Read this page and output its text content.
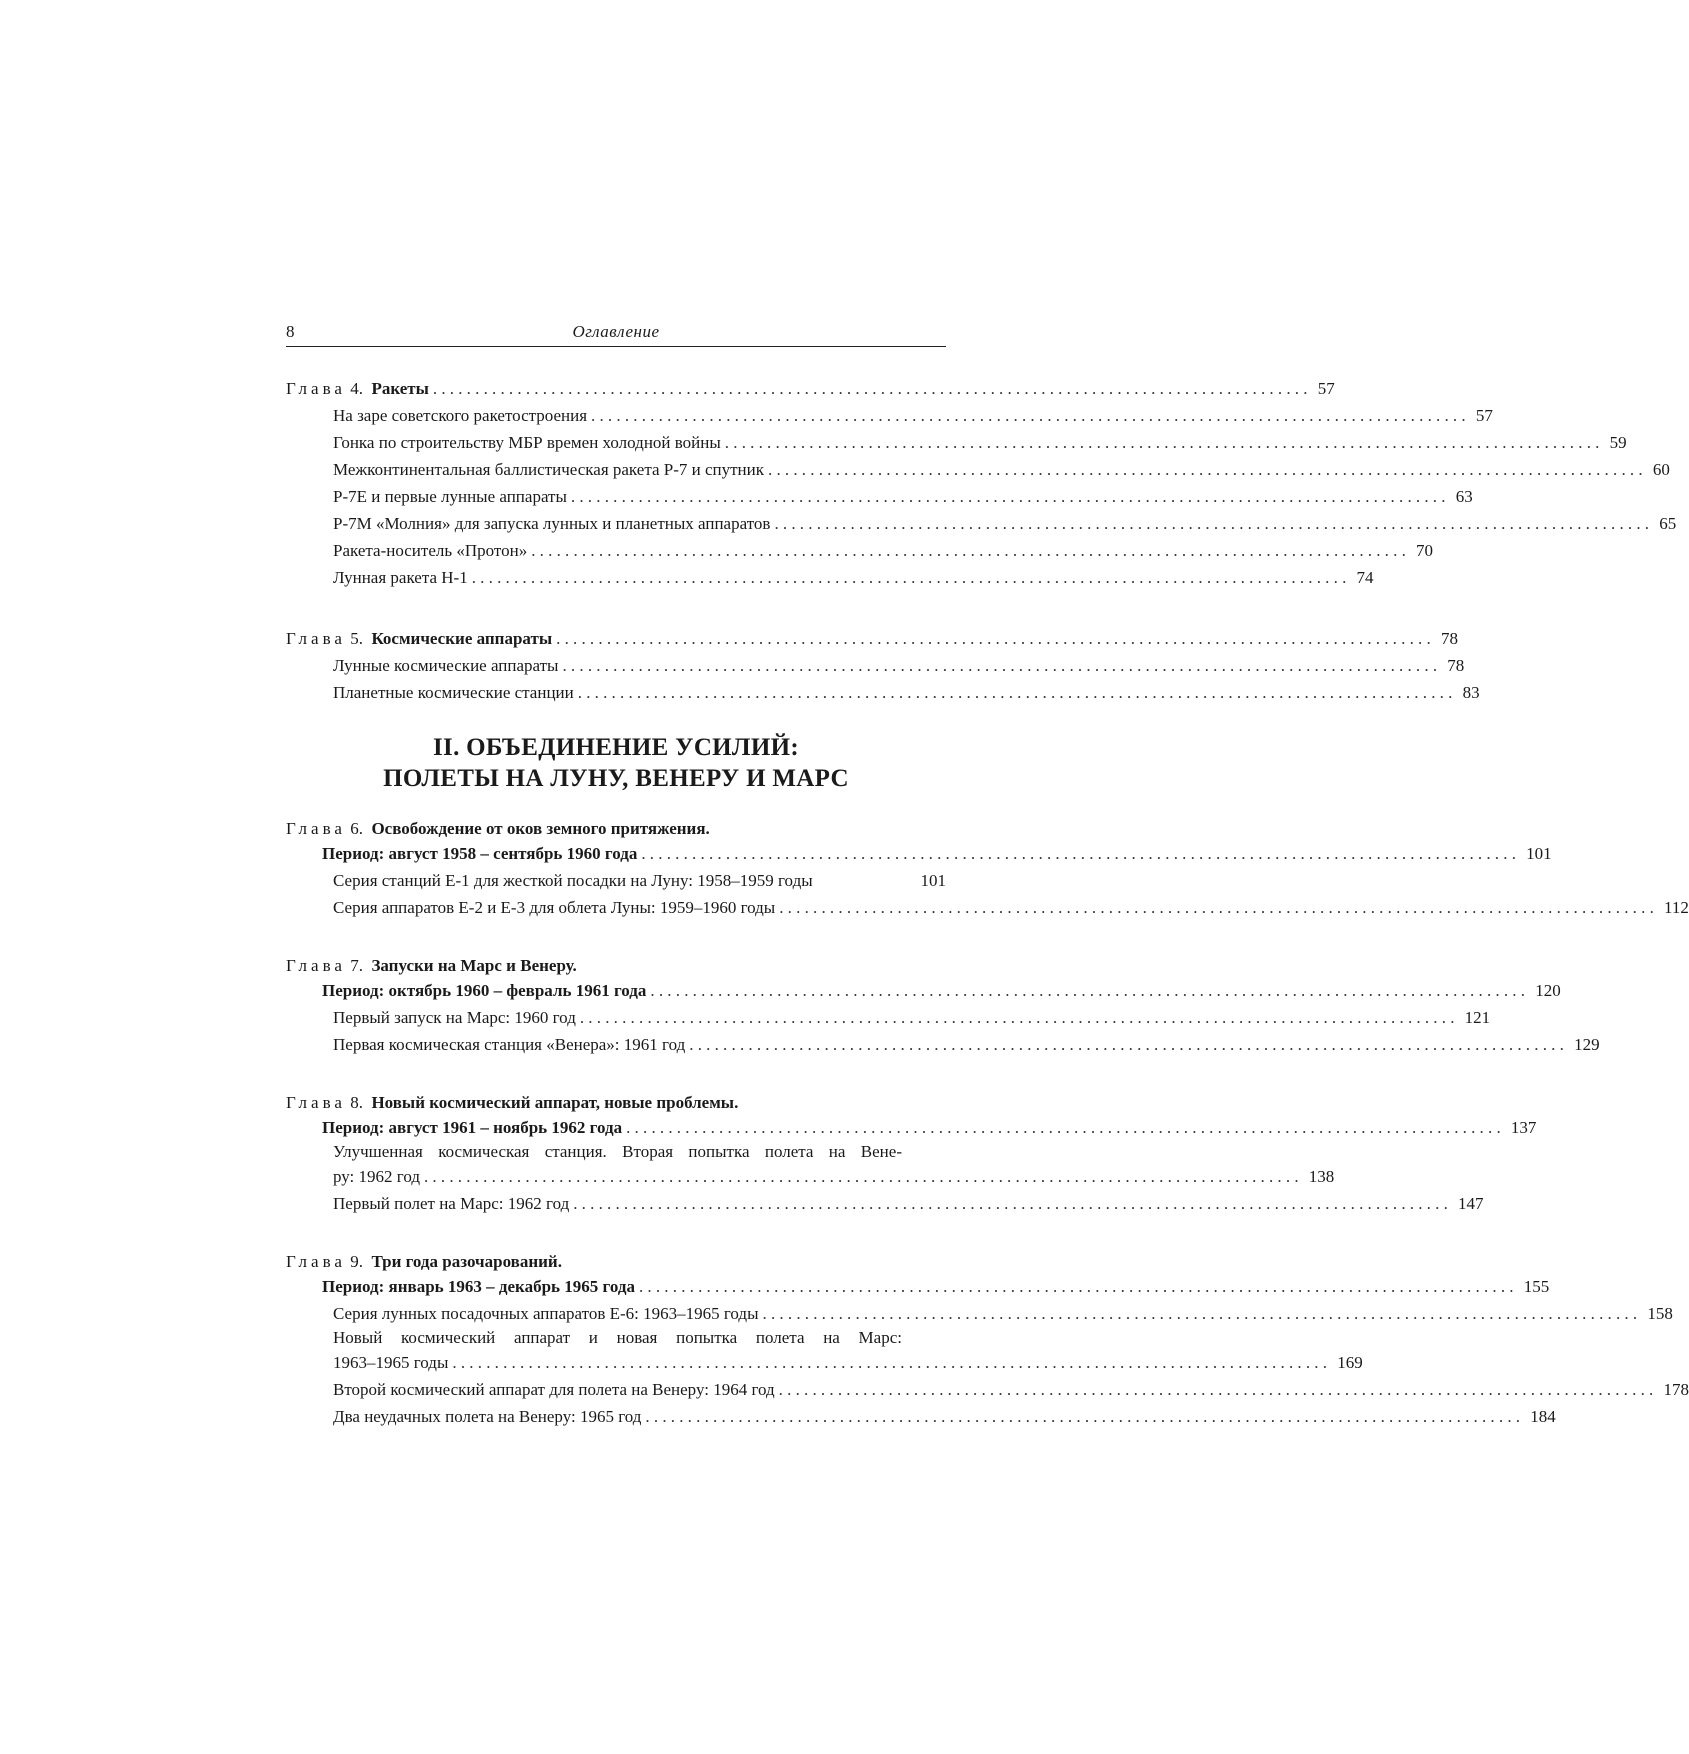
8	Оглавление
Глава 4. Ракеты ........................................................................................................ 57
На заре советского ракетостроения ........................................................................................................ 57
Гонка по строительству МБР времен холодной войны ........................................................................................................ 59
Межконтинентальная баллистическая ракета Р-7 и спутник ........................................................................................................ 60
Р-7Е и первые лунные аппараты ........................................................................................................ 63
Р-7М «Молния» для запуска лунных и планетных аппаратов ........................................................................................................ 65
Ракета-носитель «Протон» ........................................................................................................ 70
Лунная ракета Н-1 ........................................................................................................ 74
Глава 5. Космические аппараты ........................................................................................................ 78
Лунные космические аппараты ........................................................................................................ 78
Планетные космические станции ........................................................................................................ 83
II. ОБЪЕДИНЕНИЕ УСИЛИЙ:
ПОЛЕТЫ НА ЛУНУ, ВЕНЕРУ И МАРС
Глава 6. Освобождение от оков земного притяжения.
Период: август 1958 – сентябрь 1960 года ........................................................................................................ 101
Серия станций Е-1 для жесткой посадки на Луну: 1958–1959 годы	101
Серия аппаратов Е-2 и Е-3 для облета Луны: 1959–1960 годы ........................................................................................................ 112
Глава 7. Запуски на Марс и Венеру.
Период: октябрь 1960 – февраль 1961 года ........................................................................................................ 120
Первый запуск на Марс: 1960 год ........................................................................................................ 121
Первая космическая станция «Венера»: 1961 год ........................................................................................................ 129
Глава 8. Новый космический аппарат, новые проблемы.
Период: август 1961 – ноябрь 1962 года ........................................................................................................ 137
Улучшенная космическая станция. Вторая попытка полета на Вене-
ру: 1962 год ........................................................................................................ 138
Первый полет на Марс: 1962 год ........................................................................................................ 147
Глава 9. Три года разочарований.
Период: январь 1963 – декабрь 1965 года ........................................................................................................ 155
Серия лунных посадочных аппаратов Е-6: 1963–1965 годы ........................................................................................................ 158
Новый космический аппарат и новая попытка полета на Марс:
1963–1965 годы ........................................................................................................ 169
Второй космический аппарат для полета на Венеру: 1964 год ........................................................................................................ 178
Два неудачных полета на Венеру: 1965 год ........................................................................................................ 184
